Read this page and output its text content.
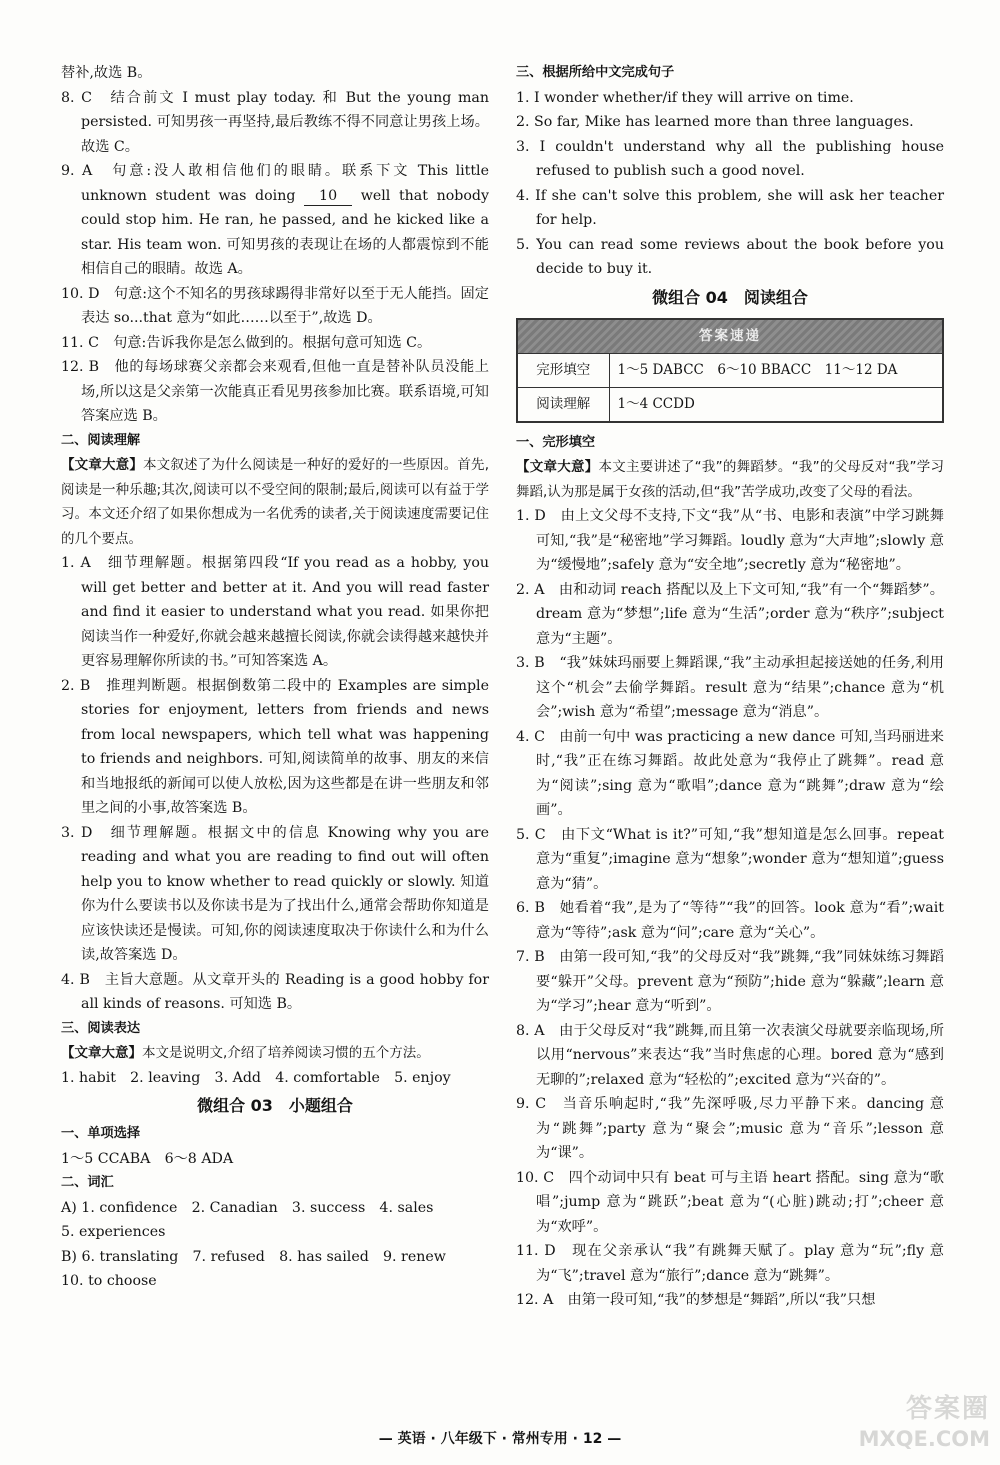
替补,故选 B。
8. C　结合前文 I must play today. 和 But the young man persisted. 可知男孩一再坚持,最后教练不得不同意让男孩上场。故选 C。
9. A　句意:没人敢相信他们的眼睛。联系下文 This little unknown student was doing 10 well that nobody could stop him. He ran, he passed, and he kicked like a star. His team won. 可知男孩的表现让在场的人都震惊到不能相信自己的眼睛。故选 A。
10. D　句意:这个不知名的男孩球踢得非常好以至于无人能挡。固定表达 so...that 意为“如此……以至于”,故选 D。
11. C　句意:告诉我你是怎么做到的。根据句意可知选 C。
12. B　他的每场球赛父亲都会来观看,但他一直是替补队员没能上场,所以这是父亲第一次能真正看见男孩参加比赛。联系语境,可知答案应选 B。
二、阅读理解
【文章大意】本文叙述了为什么阅读是一种好的爱好的一些原因。首先,阅读是一种乐趣;其次,阅读可以不受空间的限制;最后,阅读可以有益于学习。本文还介绍了如果你想成为一名优秀的读者,关于阅读速度需要记住的几个要点。
1. A　细节理解题。根据第四段“If you read as a hobby, you will get better and better at it. And you will read faster and find it easier to understand what you read. 如果你把阅读当作一种爱好,你就会越来越擅长阅读,你就会读得越来越快并更容易理解你所读的书。”可知答案选 A。
2. B　推理判断题。根据倒数第二段中的 Examples are simple stories for enjoyment, letters from friends and news from local newspapers, which tell what was happening to friends and neighbors. 可知,阅读简单的故事、朋友的来信和当地报纸的新闻可以使人放松,因为这些都是在讲一些朋友和邻里之间的小事,故答案选 B。
3. D　细节理解题。根据文中的信息 Knowing why you are reading and what you are reading to find out will often help you to know whether to read quickly or slowly. 知道你为什么要读书以及你读书是为了找出什么,通常会帮助你知道是应该快读还是慢读。可知,你的阅读速度取决于你读什么和为什么读,故答案选 D。
4. B　主旨大意题。从文章开头的 Reading is a good hobby for all kinds of reasons. 可知选 B。
三、阅读表达
【文章大意】本文是说明文,介绍了培养阅读习惯的五个方法。
1. habit　2. leaving　3. Add　4. comfortable　5. enjoy
微组合 03　小题组合
一、单项选择
1～5 CCABA　6～8 ADA
二、词汇
A) 1. confidence　2. Canadian　3. success　4. sales
5. experiences
B) 6. translating　7. refused　8. has sailed　9. renew
10. to choose
三、根据所给中文完成句子
1. I wonder whether/if they will arrive on time.
2. So far, Mike has learned more than three languages.
3. I couldn't understand why all the publishing house refused to publish such a good novel.
4. If she can't solve this problem, she will ask her teacher for help.
5. You can read some reviews about the book before you decide to buy it.
微组合 04　阅读组合
答案速递	
完形填空	1～5 DABCC　6～10 BBACC　11～12 DA
阅读理解	1～4 CCDD
一、完形填空
【文章大意】本文主要讲述了“我”的舞蹈梦。“我”的父母反对“我”学习舞蹈,认为那是属于女孩的活动,但“我”苦学成功,改变了父母的看法。
1. D　由上文父母不支持,下文“我”从“书、电影和表演”中学习跳舞可知,“我”是“秘密地”学习舞蹈。loudly 意为“大声地”;slowly 意为“缓慢地”;safely 意为“安全地”;secretly 意为“秘密地”。
2. A　由和动词 reach 搭配以及上下文可知,“我”有一个“舞蹈梦”。dream 意为“梦想”;life 意为“生活”;order 意为“秩序”;subject 意为“主题”。
3. B　“我”妹妹玛丽要上舞蹈课,“我”主动承担起接送她的任务,利用这个“机会”去偷学舞蹈。result 意为“结果”;chance 意为“机会”;wish 意为“希望”;message 意为“消息”。
4. C　由前一句中 was practicing a new dance 可知,当玛丽进来时,“我”正在练习舞蹈。故此处意为“我停止了跳舞”。read 意为“阅读”;sing 意为“歌唱”;dance 意为“跳舞”;draw 意为“绘画”。
5. C　由下文“What is it?”可知,“我”想知道是怎么回事。repeat 意为“重复”;imagine 意为“想象”;wonder 意为“想知道”;guess 意为“猜”。
6. B　她看着“我”,是为了“等待”“我”的回答。look 意为“看”;wait 意为“等待”;ask 意为“问”;care 意为“关心”。
7. B　由第一段可知,“我”的父母反对“我”跳舞,“我”同妹妹练习舞蹈要“躲开”父母。prevent 意为“预防”;hide 意为“躲藏”;learn 意为“学习”;hear 意为“听到”。
8. A　由于父母反对“我”跳舞,而且第一次表演父母就要亲临现场,所以用“nervous”来表达“我”当时焦虑的心理。bored 意为“感到无聊的”;relaxed 意为“轻松的”;excited 意为“兴奋的”。
9. C　当音乐响起时,“我”先深呼吸,尽力平静下来。dancing 意为“跳舞”;party 意为“聚会”;music 意为“音乐”;lesson 意为“课”。
10. C　四个动词中只有 beat 可与主语 heart 搭配。sing 意为“歌唱”;jump 意为“跳跃”;beat 意为“(心脏)跳动;打”;cheer 意为“欢呼”。
11. D　现在父亲承认“我”有跳舞天赋了。play 意为“玩”;fly 意为“飞”;travel 意为“旅行”;dance 意为“跳舞”。
12. A　由第一段可知,“我”的梦想是“舞蹈”,所以“我”只想
— 英语 · 八年级下 · 常州专用 · 12 —
答案圈
MXQE.COM
